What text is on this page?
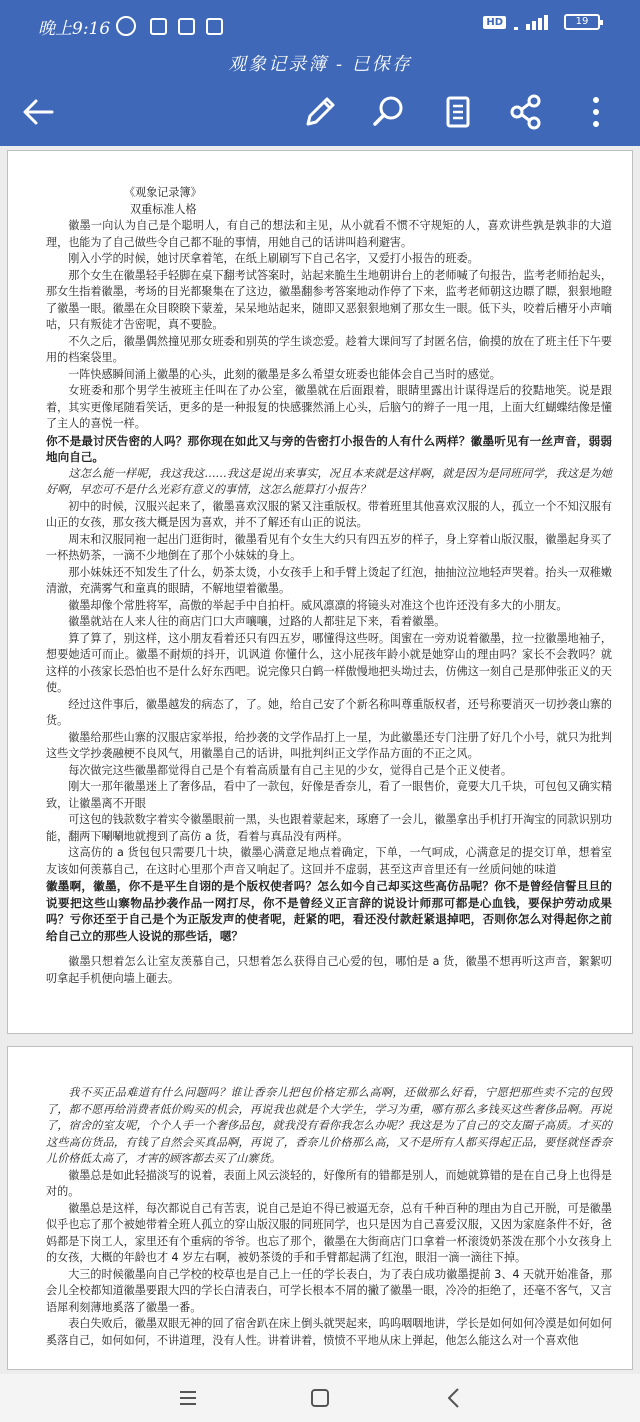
晚上9:16	HD	19
观象记录簿 - 已保存

《观象记录簿》

双重标准人格

徽墨一向认为自己是个聪明人，有自己的想法和主见，从小就看不惯不守规矩的人，喜欢讲些孰是孰非的大道理，也能为了自己做些令自己都不耻的事情，用她自己的话讲叫趋利避害。

刚入小学的时候，她讨厌拿着笔，在纸上刷刷写下自己名字，又爱打小报告的班委。

那个女生在徽墨轻手轻脚在桌下翻考试答案时，站起来脆生生地朝讲台上的老师喊了句报告，监考老师抬起头，那女生指着徽墨，考场的目光都聚集在了这边，徽墨翻参考答案地动作停了下来，监考老师朝这边瞟了瞟，狠狠地瞪了徽墨一眼。徽墨在众目睽睽下蒙羞，呆呆地站起来，随即又恶狠狠地剜了那女生一眼。低下头，咬着后槽牙小声嘀咕，只有叛徒才告密呢，真不要脸。

不久之后，徽墨偶然撞见那女班委和别英的学生谈恋爱。趁着大课间写了封匿名信，偷摸的放在了班主任下午要用的档案袋里。

一阵快感瞬间涌上徽墨的心头，此刻的徽墨是多么希望女班委也能体会自己当时的感觉。

女班委和那个男学生被班主任叫在了办公室，徽墨就在后面跟着，眼睛里露出计谋得逞后的狡黠地笑。说是跟着，其实更像尾随看笑话，更多的是一种报复的快感骤然涌上心头，后脑勺的辫子一甩一甩，上面大红蝴蝶结像是懂了主人的喜悦一样。

你不是最讨厌告密的人吗？那你现在如此又与旁的告密打小报告的人有什么两样？徽墨听见有一丝声音，弱弱地向自己。

这怎么能一样呢，我这我这……我这是说出来事实，况且本来就是这样啊，就是因为是同班同学，我这是为她好啊，早恋可不是什么光彩有意义的事情，这怎么能算打小报告？

初中的时候，汉服兴起来了，徽墨喜欢汉服的紧又注重版权。带着班里其他喜欢汉服的人，孤立一个不知汉服有山正的女孩，那女孩大概是因为喜欢，并不了解还有山正的说法。

周末和汉服同袍一起出门逛街时，徽墨看见有个女生大约只有四五岁的样子，身上穿着山版汉服，徽墨起身买了一杯热奶茶，一滴不少地倒在了那个小妹妹的身上。

那小妹妹还不知发生了什么，奶茶太烫，小女孩手上和手臂上烫起了红泡，抽抽泣泣地轻声哭着。抬头一双稚嫩清澈，充满雾气和童真的眼睛，不解地望着徽墨。

徽墨却像个常胜将军，高傲的举起手中自拍杆。威风凛凛的将镜头对准这个也许还没有多大的小朋友。

徽墨就站在人来人往的商店门口大声嚷嚷，过路的人都驻足下来，看着徽墨。

算了算了，别这样，这小朋友看着还只有四五岁，哪懂得这些呀。闺蜜在一旁劝说着徽墨，拉一拉徽墨地袖子，想要她适可而止。徽墨不耐烦的抖开，讥讽道 你懂什么，这小屁孩年龄小就是她穿山的理由吗？家长不会教吗？就这样的小孩家长恐怕也不是什么好东西吧。说完像只白鹤一样傲慢地把头坳过去，仿佛这一刻自己是那伸张正义的天使。

经过这件事后，徽墨越发的病态了，了。她，给自己安了个新名称叫尊重版权者，还号称要消灭一切抄袭山寨的货。

徽墨给那些山寨的汉服店家举报，给抄袭的文学作品打上一星，为此徽墨还专门注册了好几个小号，就只为批判这些文学抄袭融梗不良风气，用徽墨自己的话讲，叫批判纠正文学作品方面的不正之风。

每次做完这些徽墨都觉得自己是个有着高质量有自己主见的少女，觉得自己是个正义使者。

刚大一那年徽墨迷上了奢侈品，看中了一款包，好像是香奈儿，看了一眼售价，竟要大几千块，可包包又确实精致，让徽墨离不开眼

可这包的钱款数字着实令徽墨眼前一黑，头也跟着蒙起来，琢磨了一会儿，徽墨拿出手机打开淘宝的同款识别功能，翻两下唰唰地就搜到了高仿 a 货，看着与真品没有两样。

这高仿的 a 货包包只需要几十块，徽墨心满意足地点着确定，下单，一气呵成，心满意足的提交订单，想着室友该如何羡慕自己，在这时心里那个声音又响起了。这回并不虚弱，甚至这声音里还有一丝质问她的味道

徽墨啊，徽墨，你不是平生自诩的是个版权使者吗？怎么如今自己却买这些高仿品呢？你不是曾经信誓旦旦的说要把这些山寨物品抄袭作品一网打尽，你不是曾经义正言辞的说设计师那可都是心血钱，要保护劳动成果吗？亏你还至于自己是个为正版发声的使者呢，赶紧的吧，看还没付款赶紧退掉吧，否则你怎么对得起你之前给自己立的那些人设说的那些话，嗯？

徽墨只想着怎么让室友羡慕自己，只想着怎么获得自己心爱的包，哪怕是 a 货，徽墨不想再听这声音，絮絮叨叨拿起手机便向墙上砸去。

我不买正品难道有什么问题吗？谁让香奈儿把包价格定那么高啊，还做那么好看，宁愿把那些卖不完的包毁了，都不愿再给消费者低价购买的机会，再说我也就是个大学生，学习为重，哪有那么多钱买这些奢侈品啊。再说了，宿舍的室友呢，个个人手一个奢侈品包，就我没有看你我怎么办呢？我这是为了自己的交友圈子高质。才买的这些高仿货品，有钱了自然会买真品啊，再说了，香奈儿价格那么高，又不是所有人都买得起正品，要怪就怪香奈儿价格低太高了，才害的顾客都去买了山寨货。

徽墨总是如此轻描淡写的说着，表面上风云淡轻的，好像所有的错都是别人，而她就算错的是在自己身上也得是对的。

徽墨总是这样，每次都说自己有苦衷，说自己是迫不得已被逼无奈，总有千种百种的理由为自己开脱，可是徽墨似乎也忘了那个被她带着全班人孤立的穿山版汉服的同班同学，也只是因为自己喜爱汉服，又因为家庭条件不好，爸妈都是下岗工人，家里还有个重病的爷爷。也忘了那个，徽墨在大街商店门口拿着一杯滚烫奶茶泼在那个小女孩身上的女孩，大概的年龄也才 4 岁左右啊，被奶茶烫的手和手臂都起满了红泡，眼泪一滴一滴往下掉。

大三的时候徽墨向自己学校的校草也是自己上一任的学长表白，为了表白成功徽墨提前 3、4 天就开始准备，那会儿全校都知道徽墨要跟大四的学长白清表白，可学长根本不屑的撇了徽墨一眼，冷冷的拒绝了，还毫不客气，又言语犀利刻薄地奚落了徽墨一番。

表白失败后，徽墨双眼无神的回了宿舍趴在床上倒头就哭起来，呜呜咽咽地讲，学长是如何如何冷漠是如何如何奚落自己，如何如何，不讲道理，没有人性。讲着讲着，愤愤不平地从床上弹起，他怎么能这么对一个喜欢他
